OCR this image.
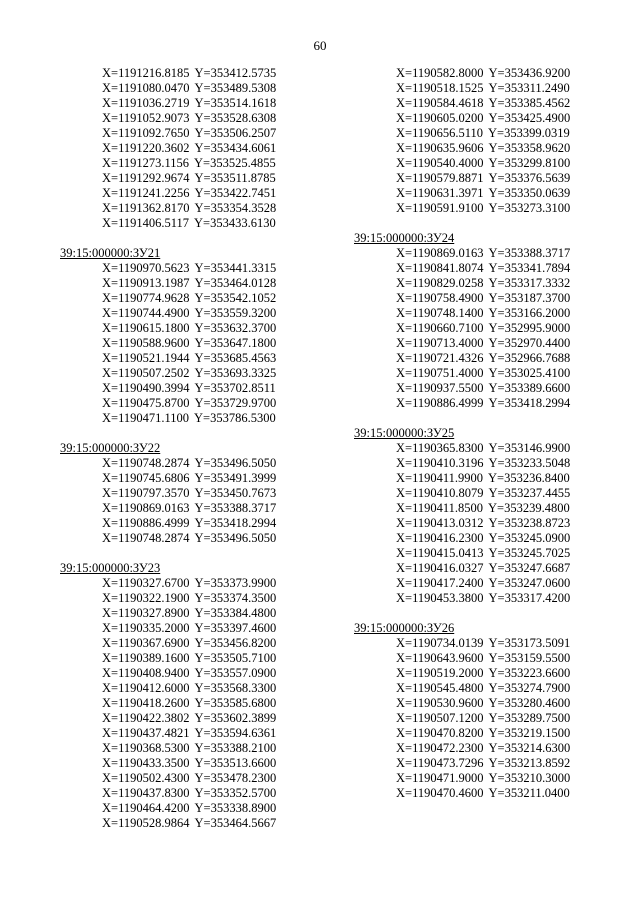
60
X=1191216.8185 Y=353412.5735
X=1191080.0470 Y=353489.5308
X=1191036.2719 Y=353514.1618
X=1191052.9073 Y=353528.6308
X=1191092.7650 Y=353506.2507
X=1191220.3602 Y=353434.6061
X=1191273.1156 Y=353525.4855
X=1191292.9674 Y=353511.8785
X=1191241.2256 Y=353422.7451
X=1191362.8170 Y=353354.3528
X=1191406.5117 Y=353433.6130
39:15:000000:ЗУ21
X=1190970.5623 Y=353441.3315
X=1190913.1987 Y=353464.0128
X=1190774.9628 Y=353542.1052
X=1190744.4900 Y=353559.3200
X=1190615.1800 Y=353632.3700
X=1190588.9600 Y=353647.1800
X=1190521.1944 Y=353685.4563
X=1190507.2502 Y=353693.3325
X=1190490.3994 Y=353702.8511
X=1190475.8700 Y=353729.9700
X=1190471.1100 Y=353786.5300
39:15:000000:ЗУ22
X=1190748.2874 Y=353496.5050
X=1190745.6806 Y=353491.3999
X=1190797.3570 Y=353450.7673
X=1190869.0163 Y=353388.3717
X=1190886.4999 Y=353418.2994
X=1190748.2874 Y=353496.5050
39:15:000000:ЗУ23
X=1190327.6700 Y=353373.9900
X=1190322.1900 Y=353374.3500
X=1190327.8900 Y=353384.4800
X=1190335.2000 Y=353397.4600
X=1190367.6900 Y=353456.8200
X=1190389.1600 Y=353505.7100
X=1190408.9400 Y=353557.0900
X=1190412.6000 Y=353568.3300
X=1190418.2600 Y=353585.6800
X=1190422.3802 Y=353602.3899
X=1190437.4821 Y=353594.6361
X=1190368.5300 Y=353388.2100
X=1190433.3500 Y=353513.6600
X=1190502.4300 Y=353478.2300
X=1190437.8300 Y=353352.5700
X=1190464.4200 Y=353338.8900
X=1190528.9864 Y=353464.5667
X=1190582.8000 Y=353436.9200
X=1190518.1525 Y=353311.2490
X=1190584.4618 Y=353385.4562
X=1190605.0200 Y=353425.4900
X=1190656.5110 Y=353399.0319
X=1190635.9606 Y=353358.9620
X=1190540.4000 Y=353299.8100
X=1190579.8871 Y=353376.5639
X=1190631.3971 Y=353350.0639
X=1190591.9100 Y=353273.3100
39:15:000000:ЗУ24
X=1190869.0163 Y=353388.3717
X=1190841.8074 Y=353341.7894
X=1190829.0258 Y=353317.3332
X=1190758.4900 Y=353187.3700
X=1190748.1400 Y=353166.2000
X=1190660.7100 Y=352995.9000
X=1190713.4000 Y=352970.4400
X=1190721.4326 Y=352966.7688
X=1190751.4000 Y=353025.4100
X=1190937.5500 Y=353389.6600
X=1190886.4999 Y=353418.2994
39:15:000000:ЗУ25
X=1190365.8300 Y=353146.9900
X=1190410.3196 Y=353233.5048
X=1190411.9900 Y=353236.8400
X=1190410.8079 Y=353237.4455
X=1190411.8500 Y=353239.4800
X=1190413.0312 Y=353238.8723
X=1190416.2300 Y=353245.0900
X=1190415.0413 Y=353245.7025
X=1190416.0327 Y=353247.6687
X=1190417.2400 Y=353247.0600
X=1190453.3800 Y=353317.4200
39:15:000000:ЗУ26
X=1190734.0139 Y=353173.5091
X=1190643.9600 Y=353159.5500
X=1190519.2000 Y=353223.6600
X=1190545.4800 Y=353274.7900
X=1190530.9600 Y=353280.4600
X=1190507.1200 Y=353289.7500
X=1190470.8200 Y=353219.1500
X=1190472.2300 Y=353214.6300
X=1190473.7296 Y=353213.8592
X=1190471.9000 Y=353210.3000
X=1190470.4600 Y=353211.0400
